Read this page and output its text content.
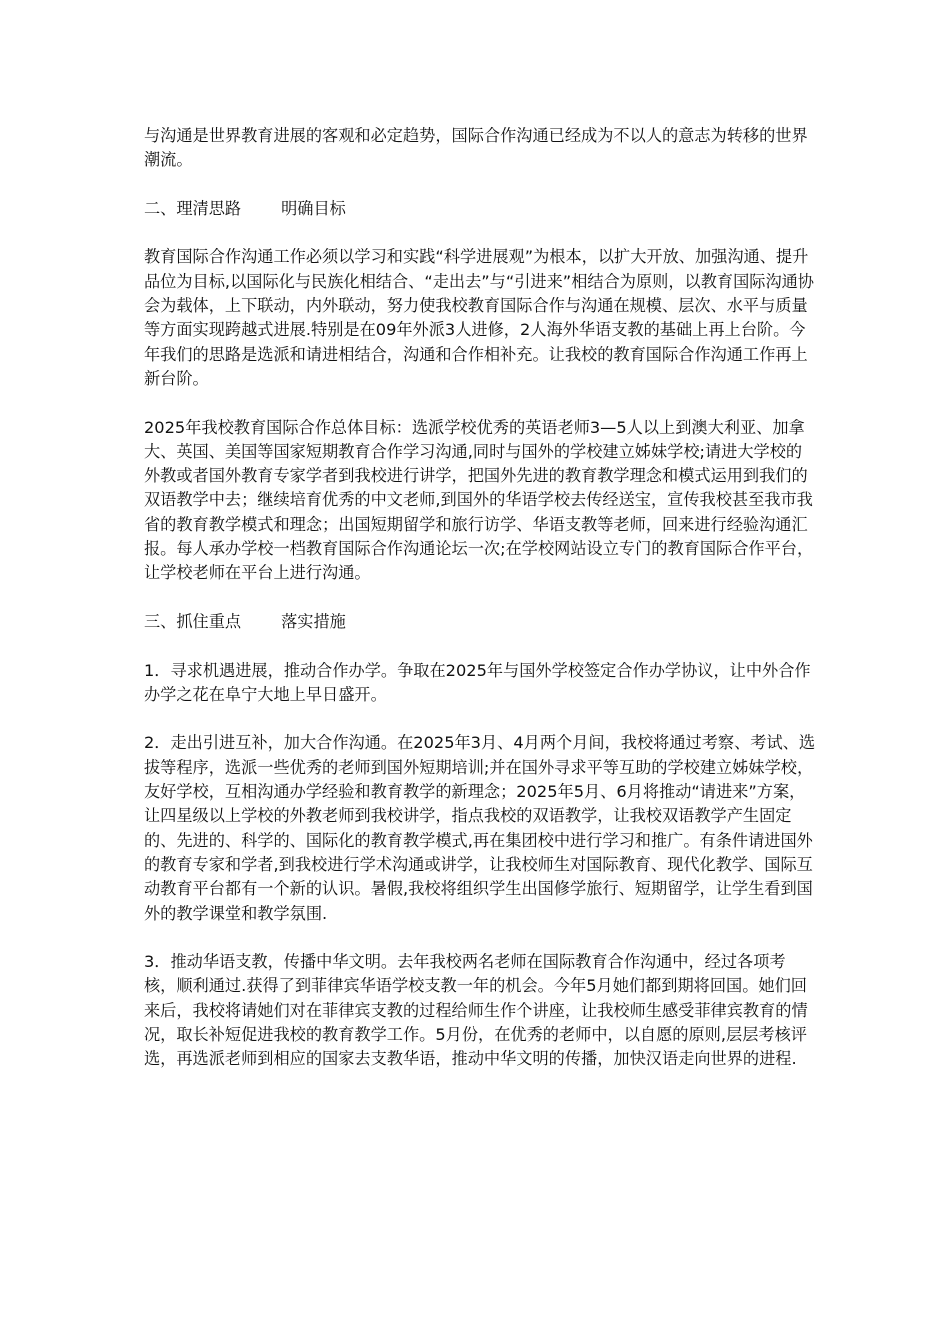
与沟通是世界教育进展的客观和必定趋势，国际合作沟通已经成为不以人的意志为转移的世界潮流。

二、理清思路 明确目标

教育国际合作沟通工作必须以学习和实践“科学进展观”为根本，以扩大开放、加强沟通、提升品位为目标,以国际化与民族化相结合、“走出去”与“引进来”相结合为原则，以教育国际沟通协会为载体，上下联动，内外联动，努力使我校教育国际合作与沟通在规模、层次、水平与质量等方面实现跨越式进展.特别是在09年外派3人进修，2人海外华语支教的基础上再上台阶。今年我们的思路是选派和请进相结合，沟通和合作相补充。让我校的教育国际合作沟通工作再上新台阶。

2025年我校教育国际合作总体目标：选派学校优秀的英语老师3—5人以上到澳大利亚、加拿大、英国、美国等国家短期教育合作学习沟通,同时与国外的学校建立姊妹学校;请进大学校的外教或者国外教育专家学者到我校进行讲学，把国外先进的教育教学理念和模式运用到我们的双语教学中去；继续培育优秀的中文老师,到国外的华语学校去传经送宝，宣传我校甚至我市我省的教育教学模式和理念；出国短期留学和旅行访学、华语支教等老师，回来进行经验沟通汇报。每人承办学校一档教育国际合作沟通论坛一次;在学校网站设立专门的教育国际合作平台，让学校老师在平台上进行沟通。

三、抓住重点 落实措施

1．寻求机遇进展，推动合作办学。争取在2025年与国外学校签定合作办学协议，让中外合作办学之花在阜宁大地上早日盛开。

2．走出引进互补，加大合作沟通。在2025年3月、4月两个月间，我校将通过考察、考试、选拔等程序，选派一些优秀的老师到国外短期培训;并在国外寻求平等互助的学校建立姊妹学校，友好学校，互相沟通办学经验和教育教学的新理念；2025年5月、6月将推动“请进来”方案，让四星级以上学校的外教老师到我校讲学，指点我校的双语教学，让我校双语教学产生固定的、先进的、科学的、国际化的教育教学模式,再在集团校中进行学习和推广。有条件请进国外的教育专家和学者,到我校进行学术沟通或讲学，让我校师生对国际教育、现代化教学、国际互动教育平台都有一个新的认识。暑假,我校将组织学生出国修学旅行、短期留学，让学生看到国外的教学课堂和教学氛围.

3．推动华语支教，传播中华文明。去年我校两名老师在国际教育合作沟通中，经过各项考核，顺利通过.获得了到菲律宾华语学校支教一年的机会。今年5月她们都到期将回国。她们回来后，我校将请她们对在菲律宾支教的过程给师生作个讲座，让我校师生感受菲律宾教育的情况，取长补短促进我校的教育教学工作。5月份，在优秀的老师中，以自愿的原则,层层考核评选，再选派老师到相应的国家去支教华语，推动中华文明的传播，加快汉语走向世界的进程.
